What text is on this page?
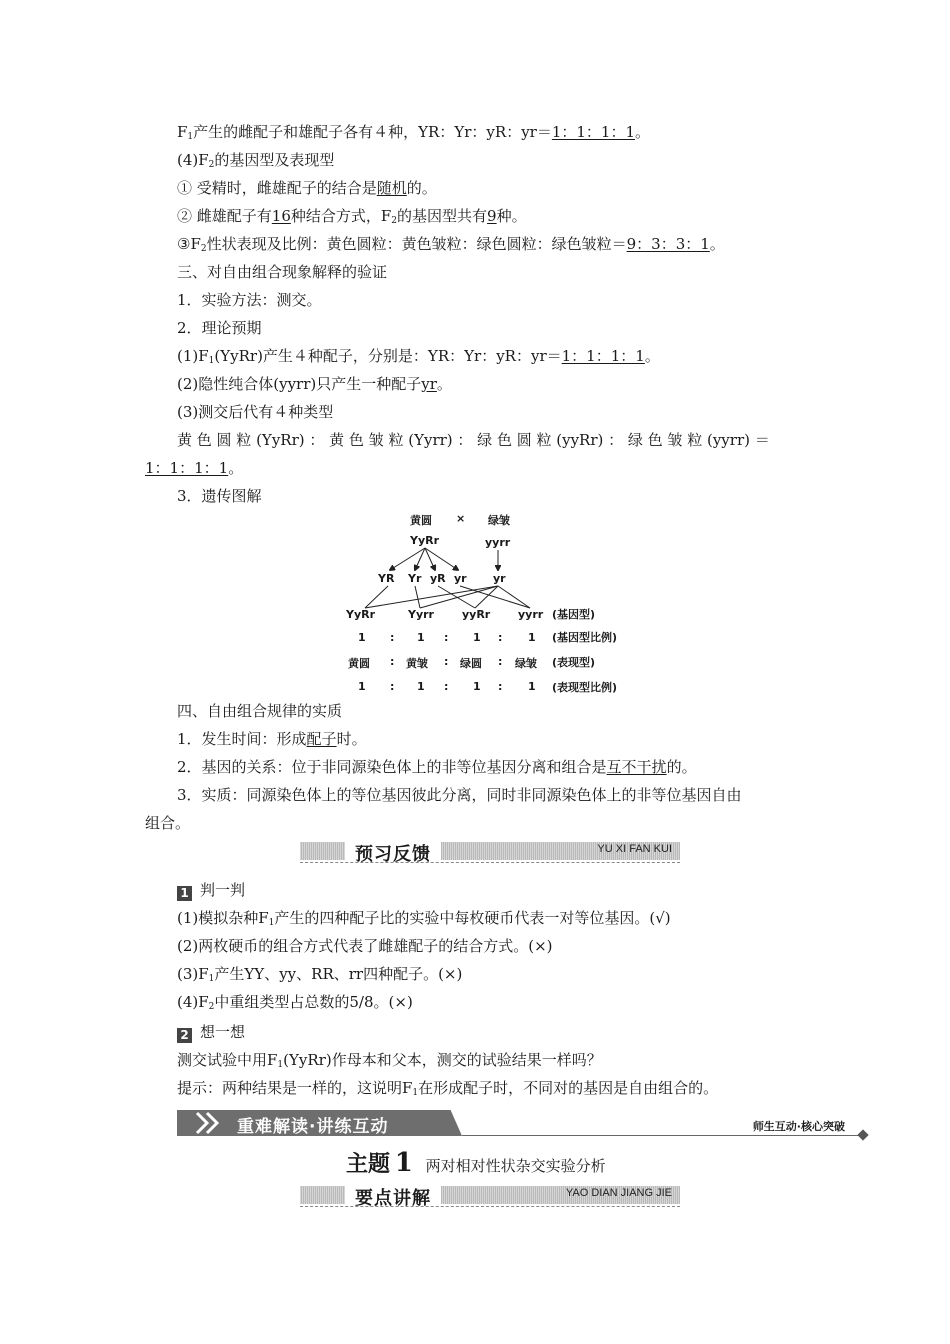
$F_1$产生的雌配子和雄配子各有４种，YR：Yr：yR：yr＝1：1：1：1。
$(4)F_2$的基因型及表现型
① 受精时，雌雄配子的结合是随机的。
② 雌雄配子有16种结合方式，$F_2$的基因型共有9种。
$③F_2$性状表现及比例：黄色圆粒：黄色皱粒：绿色圆粒：绿色皱粒＝9：3：3：1。
三、对自由组合现象解释的验证
1．实验方法：测交。
2．理论预期
$(1)F_1(YyRr)$产生４种配子，分别是：YR：Yr：yR：yr＝1：1：1：1。
(2)隐性纯合体(yyrr)只产生一种配子yr。
(3)测交后代有４种类型
黄 色 圆 粒 (YyRr) ： 黄 色 皱 粒 (Yyrr) ： 绿 色 圆 粒 (yyRr) ： 绿 色 皱 粒 (yyrr) ＝
1：1：1：1。
3．遗传图解
黄圆 × 绿皱
YyRr	yyrr
YR Yr yR yr yr
YyRr	Yyrr	yyRr	yyrr (基因型)
1 : 1 : 1 : 1 (基因型比例)
黄圆 : 黄皱 : 绿圆 : 绿皱 (表现型)
1 : 1 : 1 : 1 (表现型比例)
四、自由组合规律的实质
1．发生时间：形成配子时。
2．基因的关系：位于非同源染色体上的非等位基因分离和组合是互不干扰的。
3．实质：同源染色体上的等位基因彼此分离，同时非同源染色体上的非等位基因自由
组合。
预习反馈	YU XI FAN KUI
1 判一判
(1)模拟杂种$F_1$产生的四种配子比的实验中每枚硬币代表一对等位基因。(√)
(2)两枚硬币的组合方式代表了雌雄配子的结合方式。(×)
$(3)F_1$产生YY、yy、RR、rr四种配子。(×)
$(4)F_2$中重组类型占总数的5/8。(×)
2 想一想
测交试验中用$F_1(YyRr)$作母本和父本，测交的试验结果一样吗？
提示：两种结果是一样的，这说明$F_1$在形成配子时，不同对的基因是自由组合的。
重难解读·讲练互动	师生互动·核心突破
主题 1 两对相对性状杂交实验分析
要点讲解	YAO DIAN JIANG JIE
